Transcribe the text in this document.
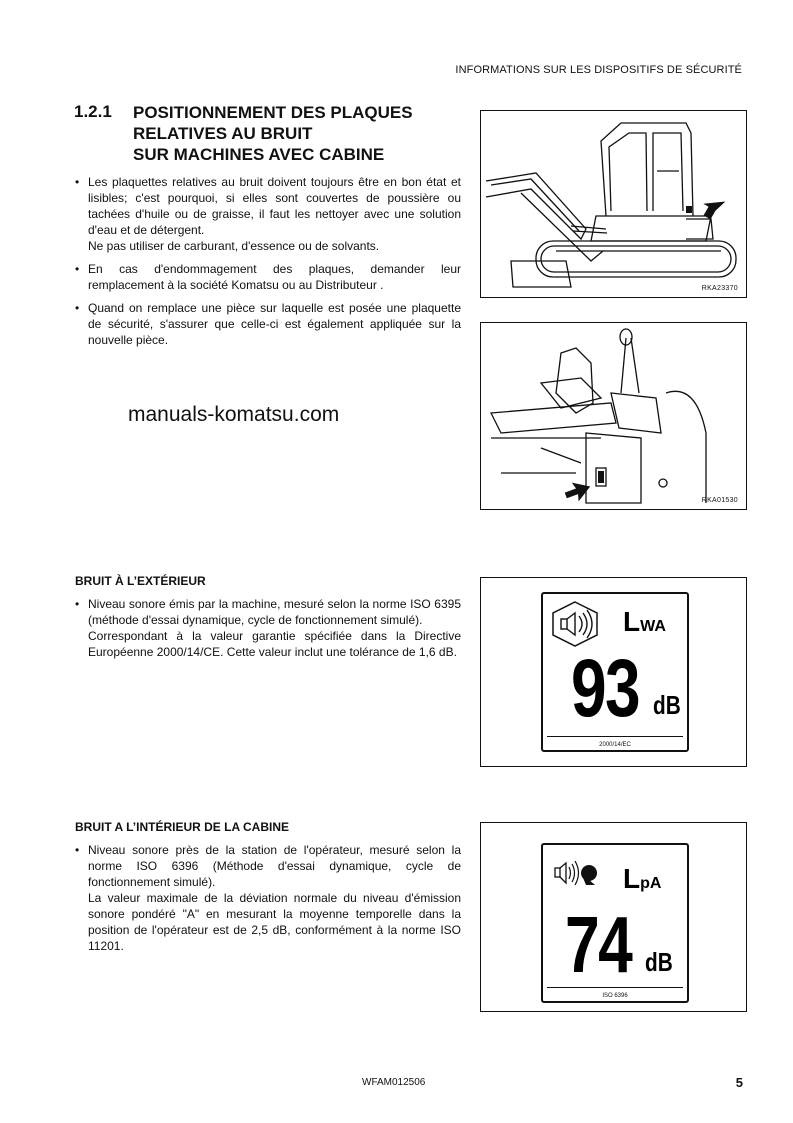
INFORMATIONS SUR LES DISPOSITIFS DE SÉCURITÉ
1.2.1 POSITIONNEMENT DES PLAQUES
RELATIVES AU BRUIT
SUR MACHINES AVEC CABINE
• Les plaquettes relatives au bruit doivent toujours être en bon état et lisibles; c'est pourquoi, si elles sont couvertes de poussière ou tachées d'huile ou de graisse, il faut les nettoyer avec une solution d'eau et de détergent.
Ne pas utiliser de carburant, d'essence ou de solvants.
• En cas d'endommagement des plaques, demander leur remplacement à la société Komatsu ou au Distributeur .
• Quand on remplace une pièce sur laquelle est posée une plaquette de sécurité, s'assurer que celle-ci est également appliquée sur la nouvelle pièce.
manuals-komatsu.com
RKA23370
RKA01530
BRUIT À L’EXTÉRIEUR
• Niveau sonore émis par la machine, mesuré selon la norme ISO 6395 (méthode d'essai dynamique, cycle de fonctionnement simulé).
Correspondant à la valeur garantie spécifiée dans la Directive Européenne 2000/14/CE. Cette valeur inclut une tolérance de 1,6 dB.
LWA
93 dB
2000/14/EC
BRUIT A L’INTÉRIEUR DE LA CABINE
• Niveau sonore près de la station de l'opérateur, mesuré selon la norme ISO 6396 (Méthode d'essai dynamique, cycle de fonctionnement simulé).
La valeur maximale de la déviation normale du niveau d'émission sonore pondéré "A" en mesurant la moyenne temporelle dans la position de l'opérateur est de 2,5 dB, conformément à la norme ISO 11201.
LpA
74 dB
ISO 6396
WFAM012506	5
